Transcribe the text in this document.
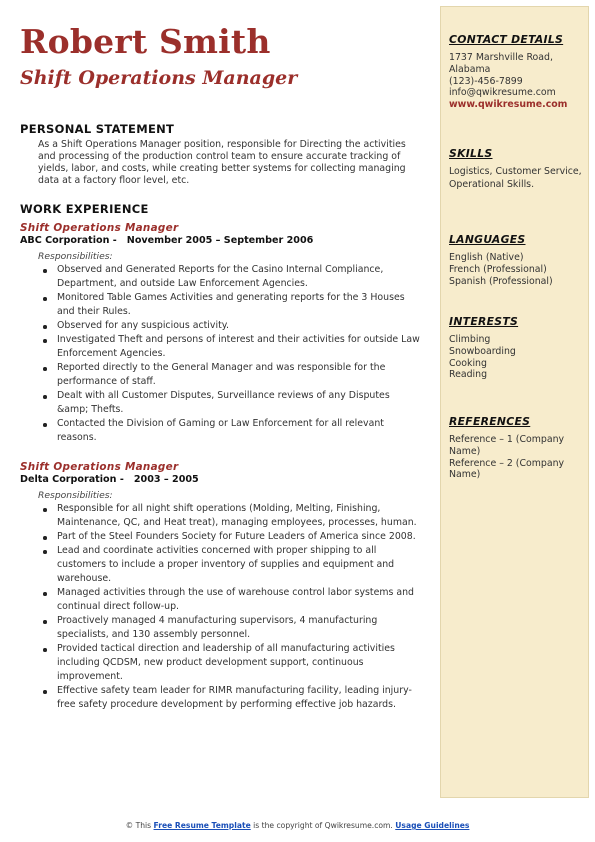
Robert Smith
Shift Operations Manager
PERSONAL STATEMENT
As a Shift Operations Manager position, responsible for Directing the activities and processing of the production control team to ensure accurate tracking of yields, labor, and costs, while creating better systems for collecting managing data at a factory floor level, etc.
WORK EXPERIENCE
Shift Operations Manager
ABC Corporation - November 2005 – September 2006
Responsibilities:
Observed and Generated Reports for the Casino Internal Compliance, Department, and outside Law Enforcement Agencies.
Monitored Table Games Activities and generating reports for the 3 Houses and their Rules.
Observed for any suspicious activity.
Investigated Theft and persons of interest and their activities for outside Law Enforcement Agencies.
Reported directly to the General Manager and was responsible for the performance of staff.
Dealt with all Customer Disputes, Surveillance reviews of any Disputes &amp; Thefts.
Contacted the Division of Gaming or Law Enforcement for all relevant reasons.
Shift Operations Manager
Delta Corporation - 2003 – 2005
Responsibilities:
Responsible for all night shift operations (Molding, Melting, Finishing, Maintenance, QC, and Heat treat), managing employees, processes, human.
Part of the Steel Founders Society for Future Leaders of America since 2008.
Lead and coordinate activities concerned with proper shipping to all customers to include a proper inventory of supplies and equipment and warehouse.
Managed activities through the use of warehouse control labor systems and continual direct follow-up.
Proactively managed 4 manufacturing supervisors, 4 manufacturing specialists, and 130 assembly personnel.
Provided tactical direction and leadership of all manufacturing activities including QCDSM, new product development support, continuous improvement.
Effective safety team leader for RIMR manufacturing facility, leading injury-free safety procedure development by performing effective job hazards.
CONTACT DETAILS
1737 Marshville Road,
Alabama
(123)-456-7899
info@qwikresume.com
www.qwikresume.com
SKILLS
Logistics, Customer Service, Operational Skills.
LANGUAGES
English (Native)
French (Professional)
Spanish (Professional)
INTERESTS
Climbing
Snowboarding
Cooking
Reading
REFERENCES
Reference – 1 (Company Name)
Reference – 2 (Company Name)
© This Free Resume Template is the copyright of Qwikresume.com. Usage Guidelines
